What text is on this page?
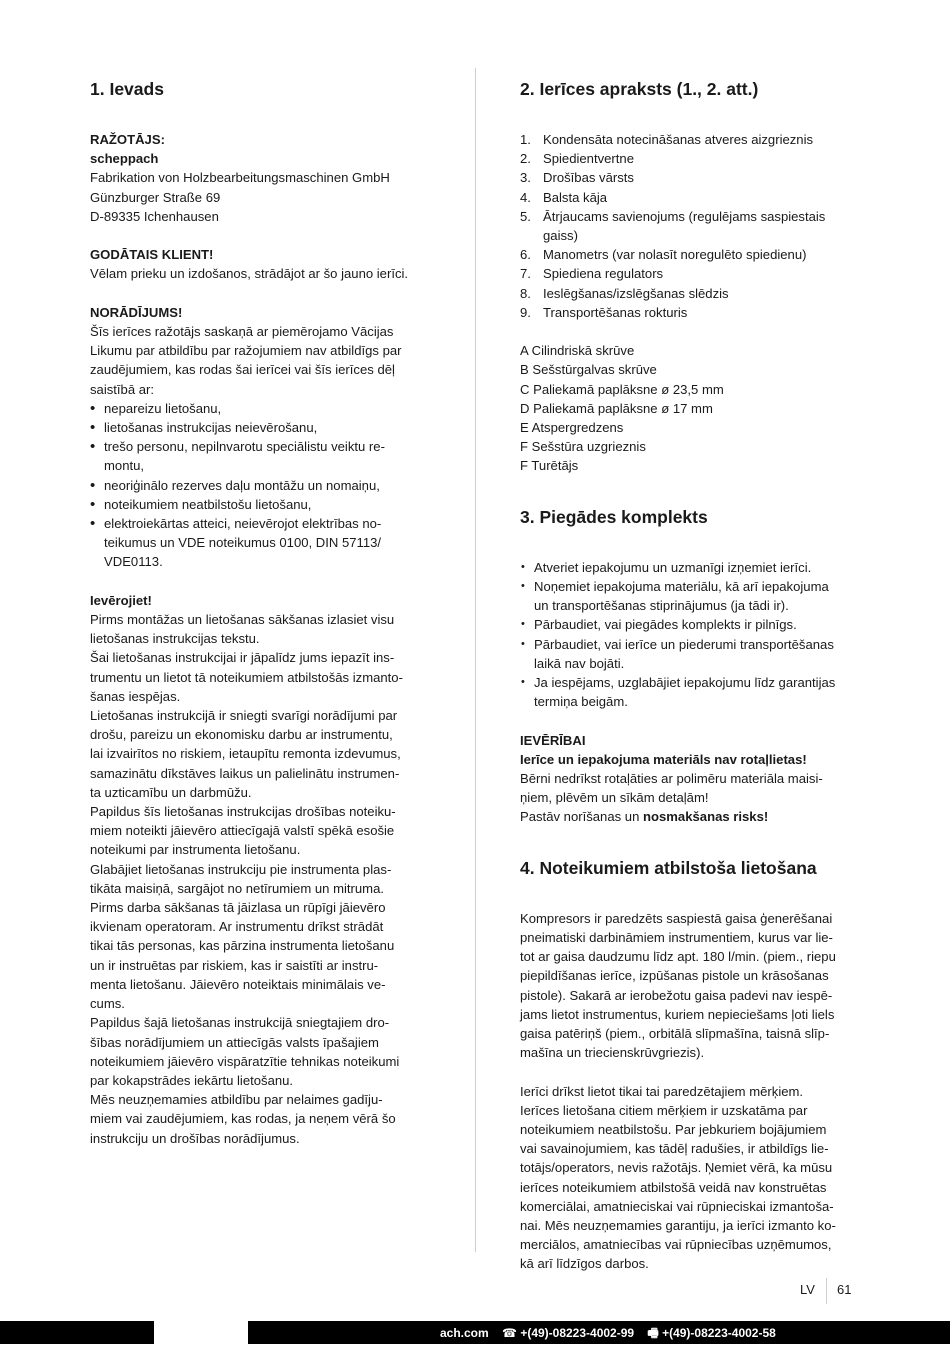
1. Ievads

RAŽOTĀJS:

scheppach

Fabrikation von Holzbearbeitungsmaschinen GmbH

Günzburger Straße 69

D-89335 Ichenhausen

GODĀTAIS KLIENT!

Vēlam prieku un izdošanos, strādājot ar šo jauno ierīci.

NORĀDĪJUMS!

Šīs ierīces ražotājs saskaņā ar piemērojamo Vācijas

Likumu par atbildību par ražojumiem nav atbildīgs par

zaudējumiem, kas rodas šai ierīcei vai šīs ierīces dēļ

saistībā ar:

• nepareizu lietošanu,
• lietošanas instrukcijas neievērošanu,
• trešo personu, nepilnvarotu speciālistu veiktu re-
montu,
• neoriģinālo rezerves daļu montāžu un nomaiņu,
• noteikumiem neatbilstošu lietošanu,
• elektroiekārtas atteici, neievērojot elektrības no-
teikumus un VDE noteikumus 0100, DIN 57113/
VDE0113.

Ievērojiet!

Pirms montāžas un lietošanas sākšanas izlasiet visu

lietošanas instrukcijas tekstu.

Šai lietošanas instrukcijai ir jāpalīdz jums iepazīt ins-

trumentu un lietot tā noteikumiem atbilstošās izmanto-

šanas iespējas.

Lietošanas instrukcijā ir sniegti svarīgi norādījumi par

drošu, pareizu un ekonomisku darbu ar instrumentu,

lai izvairītos no riskiem, ietaupītu remonta izdevumus,

samazinātu dīkstāves laikus un palielinātu instrumen-

ta uzticamību un darbmūžu.

Papildus šīs lietošanas instrukcijas drošības noteiku-

miem noteikti jāievēro attiecīgajā valstī spēkā esošie

noteikumi par instrumenta lietošanu.

Glabājiet lietošanas instrukciju pie instrumenta plas-

tikāta maisiņā, sargājot no netīrumiem un mitruma.

Pirms darba sākšanas tā jāizlasa un rūpīgi jāievēro

ikvienam operatoram. Ar instrumentu drīkst strādāt

tikai tās personas, kas pārzina instrumenta lietošanu

un ir instruētas par riskiem, kas ir saistīti ar instru-

menta lietošanu. Jāievēro noteiktais minimālais ve-

cums.

Papildus šajā lietošanas instrukcijā sniegtajiem dro-

šības norādījumiem un attiecīgās valsts īpašajiem

noteikumiem jāievēro vispāratzītie tehnikas noteikumi

par kokapstrādes iekārtu lietošanu.

Mēs neuzņemamies atbildību par nelaimes gadīju-

miem vai zaudējumiem, kas rodas, ja neņem vērā šo

instrukciju un drošības norādījumus.

2. Ierīces apraksts (1., 2. att.)
1. Kondensāta notecināšanas atveres aizgrieznis
2. Spiedientvertne
3. Drošības vārsts
4. Balsta kāja
5. Ātrjaucams savienojums (regulējams saspiestais
gaiss)
6. Manometrs (var nolasīt noregulēto spiedienu)
7. Spiediena regulators
8. Ieslēgšanas/izslēgšanas slēdzis
9. Transportēšanas rokturis

A Cilindriskā skrūve

B Sešstūrgalvas skrūve

C Paliekamā paplāksne ø 23,5 mm

D Paliekamā paplāksne ø 17 mm

E Atspergredzens

F Sešstūra uzgrieznis

F Turētājs

3. Piegādes komplekts
• Atveriet iepakojumu un uzmanīgi izņemiet ierīci.
• Noņemiet iepakojuma materiālu, kā arī iepakojuma
un transportēšanas stiprinājumus (ja tādi ir).
• Pārbaudiet, vai piegādes komplekts ir pilnīgs.
• Pārbaudiet, vai ierīce un piederumi transportēšanas
laikā nav bojāti.
• Ja iespējams, uzglabājiet iepakojumu līdz garantijas
termiņa beigām.

IEVĒRĪBAI

Ierīce un iepakojuma materiāls nav rotaļlietas!

Bērni nedrīkst rotaļāties ar polimēru materiāla maisi-

ņiem, plēvēm un sīkām detaļām!

Pastāv norīšanas un nosmakšanas risks!

4. Noteikumiem atbilstoša lietošana

Kompresors ir paredzēts saspiestā gaisa ģenerēšanai

pneimatiski darbināmiem instrumentiem, kurus var lie-

tot ar gaisa daudzumu līdz apt. 180 l/min. (piem., riepu

piepildīšanas ierīce, izpūšanas pistole un krāsošanas

pistole). Sakarā ar ierobežotu gaisa padevi nav iespē-

jams lietot instrumentus, kuriem nepieciešams ļoti liels

gaisa patēriņš (piem., orbitālā slīpmašīna, taisnā slīp-

mašīna un triecienskrūvgriezis).

Ierīci drīkst lietot tikai tai paredzētajiem mērķiem.

Ierīces lietošana citiem mērķiem ir uzskatāma par

noteikumiem neatbilstošu. Par jebkuriem bojājumiem

vai savainojumiem, kas tādēļ radušies, ir atbildīgs lie-

totājs/operators, nevis ražotājs. Ņemiet vērā, ka mūsu

ierīces noteikumiem atbilstošā veidā nav konstruētas

komerciālai, amatnieciskai vai rūpnieciskai izmantoša-

nai. Mēs neuzņemamies garantiju, ja ierīci izmanto ko-

merciālos, amatniecības vai rūpniecības uzņēmumos,

kā arī līdzīgos darbos.

LV 61
ach.com ☎ +(49)-08223-4002-99 🖷 +(49)-08223-4002-58
